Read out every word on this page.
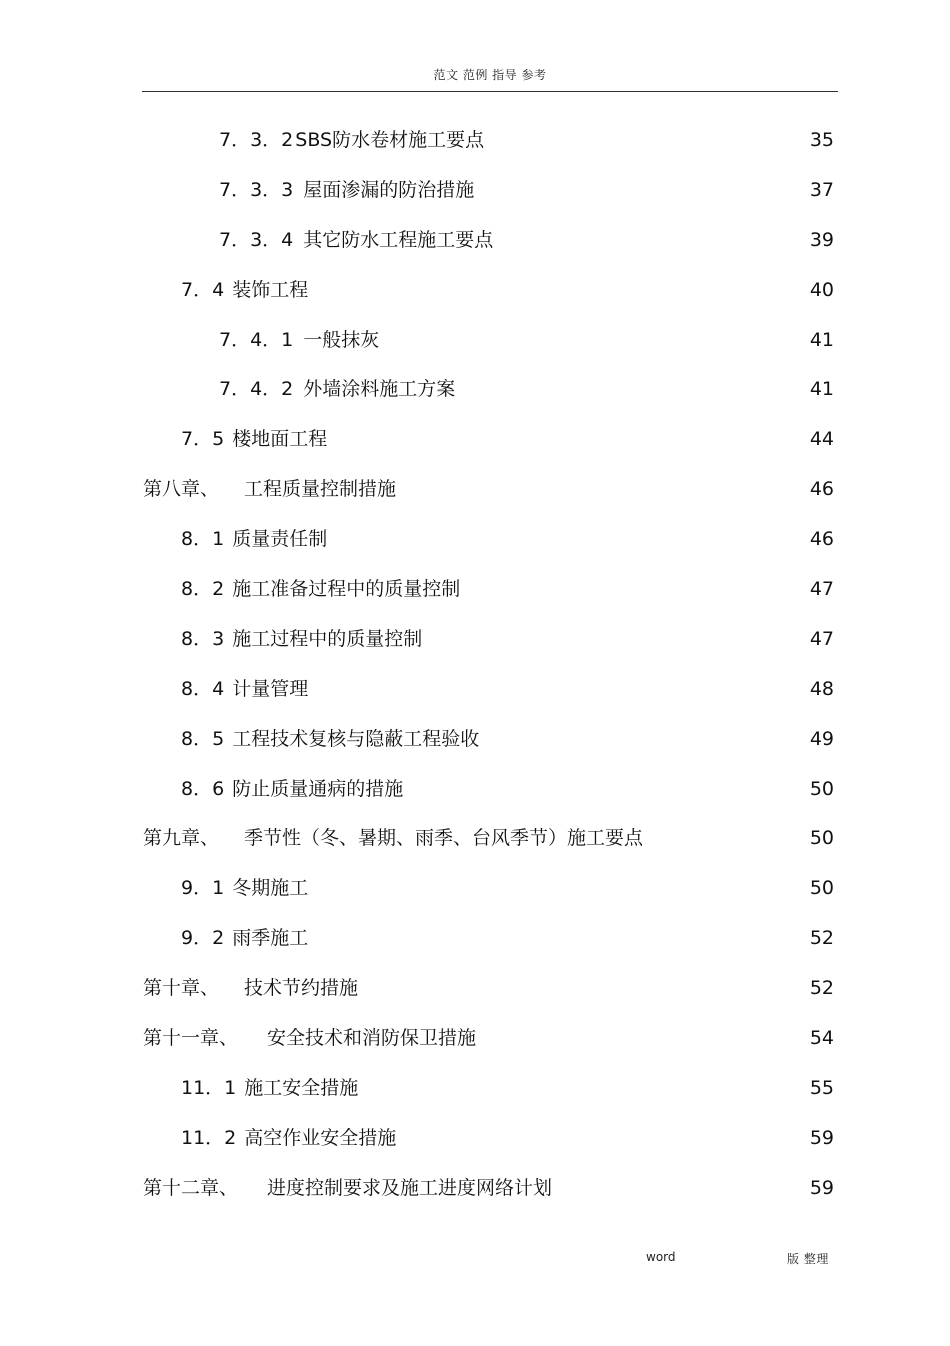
范文 范例 指导 参考
7．3．2 SBS防水卷材施工要点	35
7．3．3 屋面渗漏的防治措施	37
7．3．4 其它防水工程施工要点	39
7．4 装饰工程	40
7．4．1 一般抹灰	41
7．4．2 外墙涂料施工方案	41
7．5 楼地面工程	44
第八章、 工程质量控制措施	46
8．1 质量责任制	46
8．2 施工准备过程中的质量控制	47
8．3 施工过程中的质量控制	47
8．4 计量管理	48
8．5 工程技术复核与隐蔽工程验收	49
8．6 防止质量通病的措施	50
第九章、 季节性（冬、暑期、雨季、台风季节）施工要点	50
9．1 冬期施工	50
9．2 雨季施工	52
第十章、 技术节约措施	52
第十一章、 安全技术和消防保卫措施	54
11．1 施工安全措施	55
11．2 高空作业安全措施	59
第十二章、 进度控制要求及施工进度网络计划	59
word	版 整理
